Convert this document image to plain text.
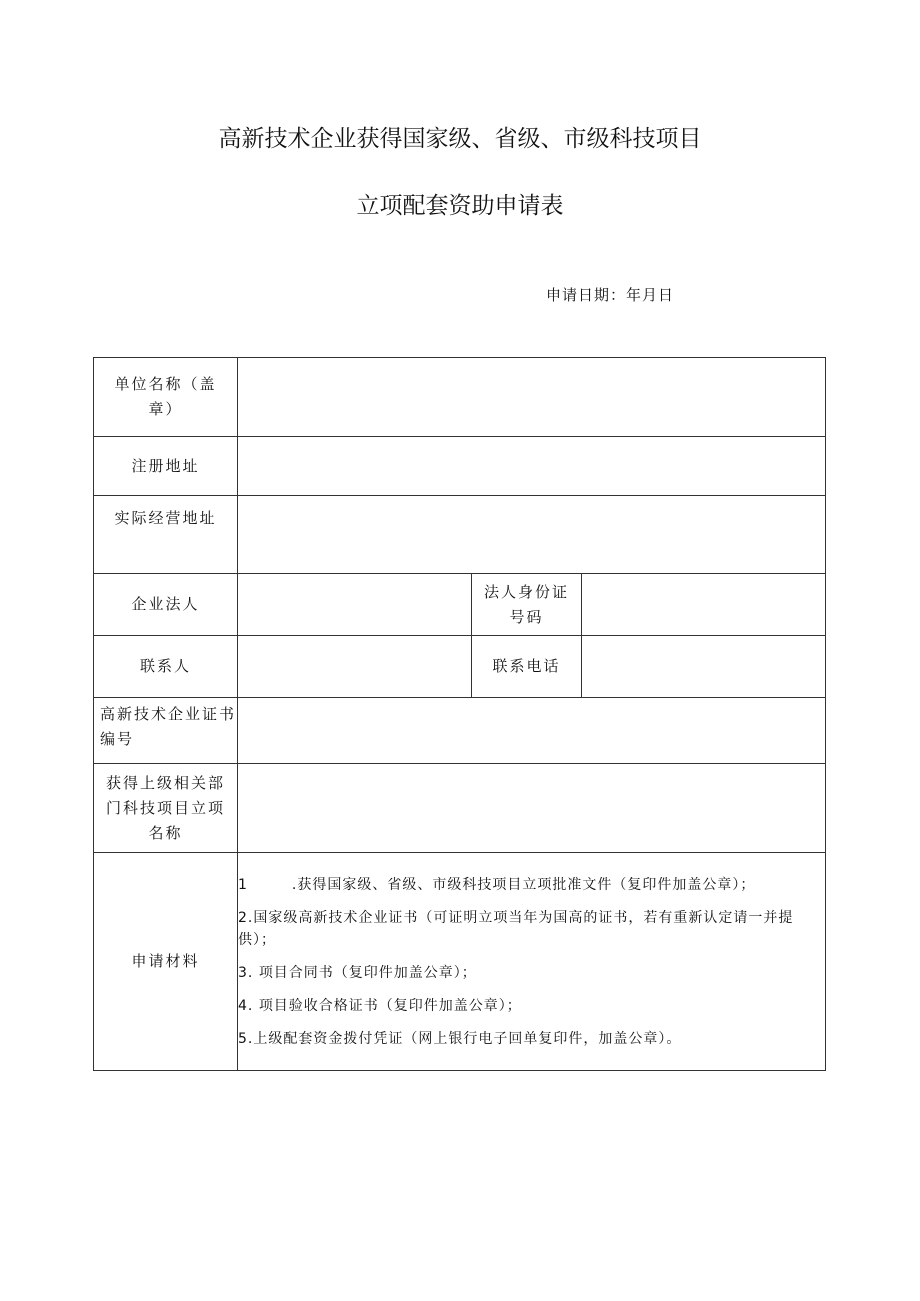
高新技术企业获得国家级、省级、市级科技项目
立项配套资助申请表
申请日期：年月日
单位名称（盖章）			
注册地址			
实际经营地址			
企业法人		法人身份证号码	
联系人		联系电话	
高新技术企业证书编号			
获得上级相关部门科技项目立项名称			
申请材料	1 .获得国家级、省级、市级科技项目立项批准文件（复印件加盖公章）；

2.国家级高新技术企业证书（可证明立项当年为国高的证书，若有重新认定请一并提供）；

3. 项目合同书（复印件加盖公章）；

4. 项目验收合格证书（复印件加盖公章）；

5.上级配套资金拨付凭证（网上银行电子回单复印件，加盖公章）。		
